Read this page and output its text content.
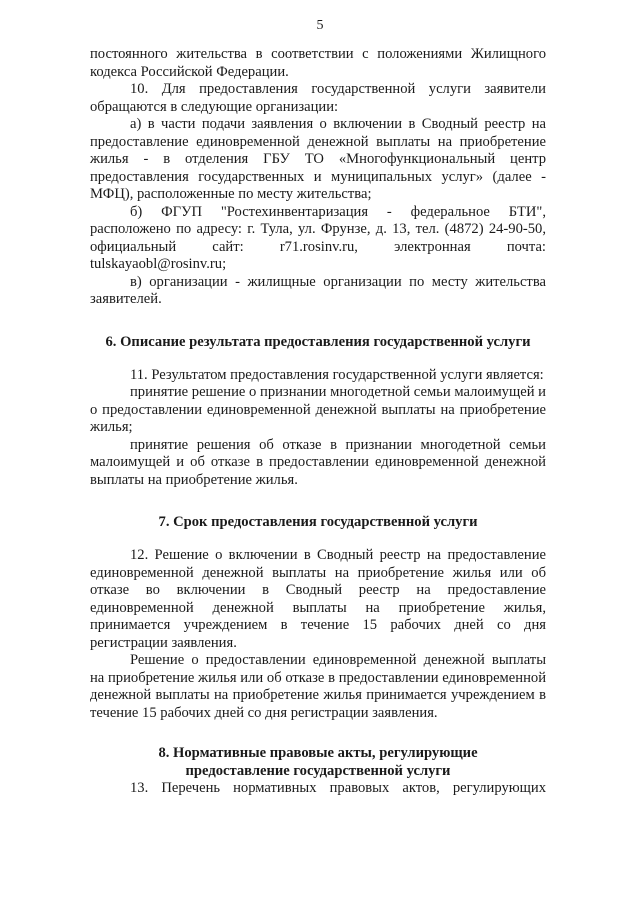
5

постоянного жительства в соответствии с положениями Жилищного кодекса Российской Федерации.

10. Для предоставления государственной услуги заявители обращаются в следующие организации:

а) в части подачи заявления о включении в Сводный реестр на предоставление единовременной денежной выплаты на приобретение жилья - в отделения ГБУ ТО «Многофункциональный центр предоставления государственных и муниципальных услуг» (далее - МФЦ), расположенные по месту жительства;

б) ФГУП "Ростехинвентаризация - федеральное БТИ", расположено по адресу: г. Тула, ул. Фрунзе, д. 13, тел. (4872) 24-90-50, официальный сайт: r71.rosinv.ru, электронная почта: tulskayaobl@rosinv.ru;

в) организации - жилищные организации по месту жительства заявителей.

6. Описание результата предоставления государственной услуги

11. Результатом предоставления государственной услуги является:

принятие решение о признании многодетной семьи малоимущей и о предоставлении единовременной денежной выплаты на приобретение жилья;

принятие решения об отказе в признании многодетной семьи малоимущей и об отказе в предоставлении единовременной денежной выплаты на приобретение жилья.

7. Срок предоставления государственной услуги

12. Решение о включении в Сводный реестр на предоставление единовременной денежной выплаты на приобретение жилья или об отказе во включении в Сводный реестр на предоставление единовременной денежной выплаты на приобретение жилья, принимается учреждением в течение 15 рабочих дней со дня регистрации заявления.

Решение о предоставлении единовременной денежной выплаты на приобретение жилья или об отказе в предоставлении единовременной денежной выплаты на приобретение жилья принимается учреждением в течение 15 рабочих дней со дня регистрации заявления.

8. Нормативные правовые акты, регулирующие
предоставление государственной услуги

13. Перечень нормативных правовых актов, регулирующих
